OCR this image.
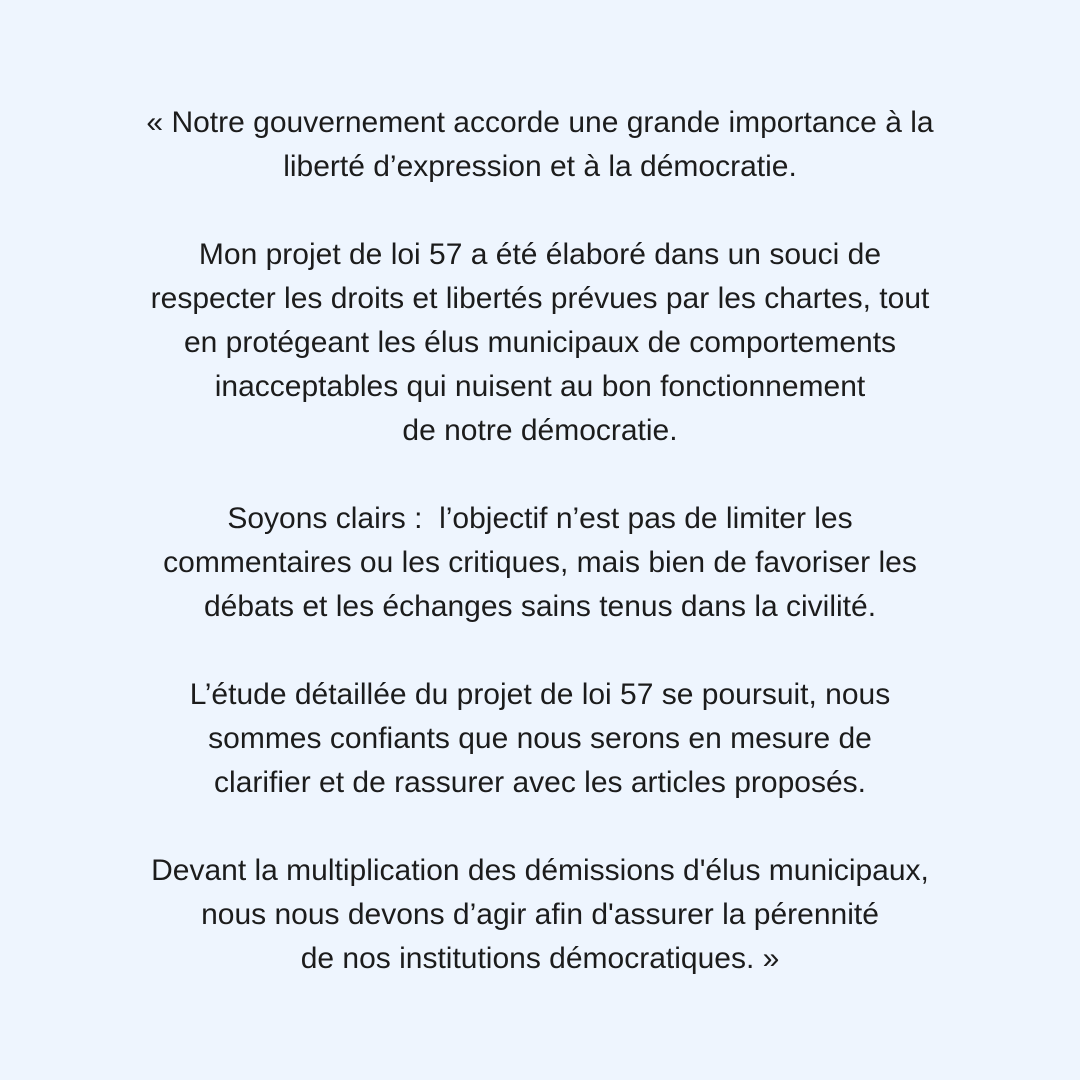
« Notre gouvernement accorde une grande importance à la
liberté d’expression et à la démocratie.

Mon projet de loi 57 a été élaboré dans un souci de
respecter les droits et libertés prévues par les chartes, tout
en protégeant les élus municipaux de comportements
inacceptables qui nuisent au bon fonctionnement
de notre démocratie.

Soyons clairs :  l’objectif n’est pas de limiter les
commentaires ou les critiques, mais bien de favoriser les
débats et les échanges sains tenus dans la civilité.

L’étude détaillée du projet de loi 57 se poursuit, nous
sommes confiants que nous serons en mesure de
clarifier et de rassurer avec les articles proposés.

Devant la multiplication des démissions d'élus municipaux,
nous nous devons d’agir afin d'assurer la pérennité
de nos institutions démocratiques. »
